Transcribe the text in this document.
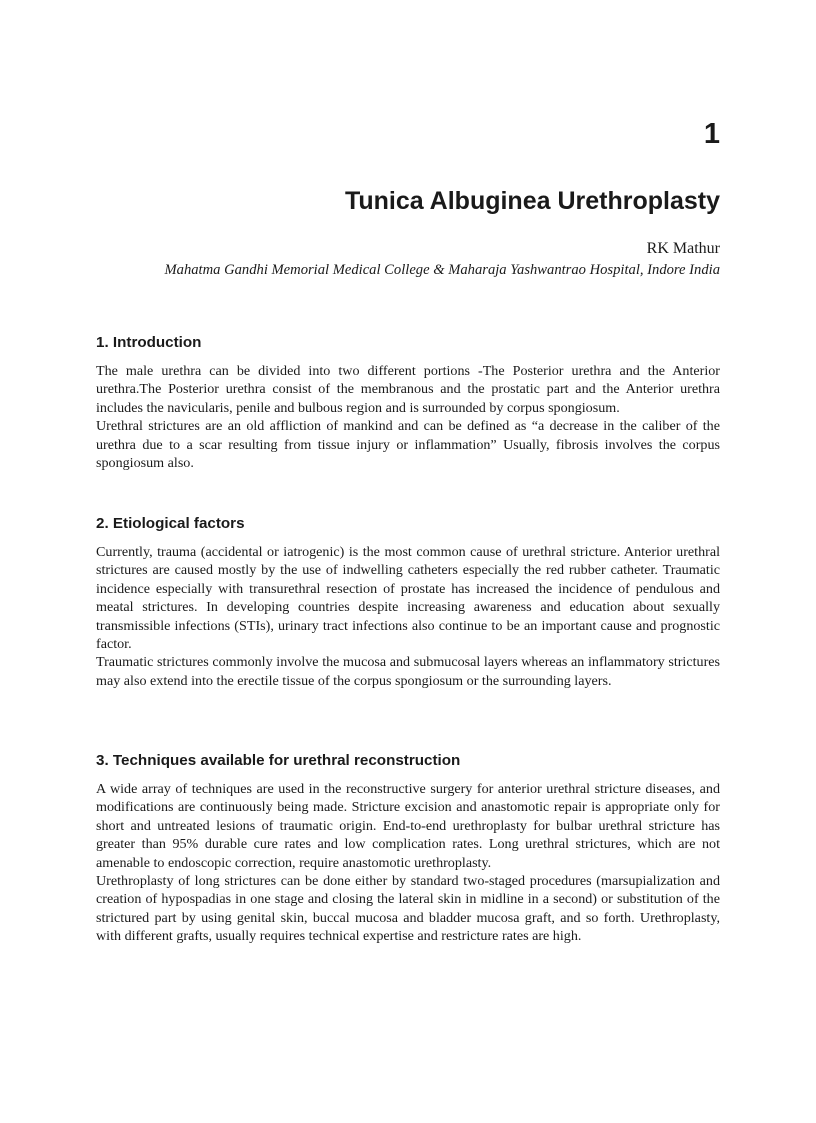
1
Tunica Albuginea Urethroplasty
RK Mathur
Mahatma Gandhi Memorial Medical College & Maharaja Yashwantrao Hospital, Indore India
1. Introduction

The male urethra can be divided into two different portions -The Posterior urethra and the Anterior urethra.The Posterior urethra consist of the membranous and the prostatic part and the Anterior urethra includes the navicularis, penile and bulbous region and is surrounded by corpus spongiosum.

Urethral strictures are an old affliction of mankind and can be defined as “a decrease in the caliber of the urethra due to a scar resulting from tissue injury or inflammation” Usually, fibrosis involves the corpus spongiosum also.

2. Etiological factors

Currently, trauma (accidental or iatrogenic) is the most common cause of urethral stricture. Anterior urethral strictures are caused mostly by the use of indwelling catheters especially the red rubber catheter. Traumatic incidence especially with transurethral resection of prostate has increased the incidence of pendulous and meatal strictures. In developing countries despite increasing awareness and education about sexually transmissible infections (STIs), urinary tract infections also continue to be an important cause and prognostic factor.

Traumatic strictures commonly involve the mucosa and submucosal layers whereas an inflammatory strictures may also extend into the erectile tissue of the corpus spongiosum or the surrounding layers.

3. Techniques available for urethral reconstruction

A wide array of techniques are used in the reconstructive surgery for anterior urethral stricture diseases, and modifications are continuously being made. Stricture excision and anastomotic repair is appropriate only for short and untreated lesions of traumatic origin. End-to-end urethroplasty for bulbar urethral stricture has greater than 95% durable cure rates and low complication rates. Long urethral strictures, which are not amenable to endoscopic correction, require anastomotic urethroplasty.

Urethroplasty of long strictures can be done either by standard two-staged procedures (marsupialization and creation of hypospadias in one stage and closing the lateral skin in midline in a second) or substitution of the strictured part by using genital skin, buccal mucosa and bladder mucosa graft, and so forth. Urethroplasty, with different grafts, usually requires technical expertise and restricture rates are high.
